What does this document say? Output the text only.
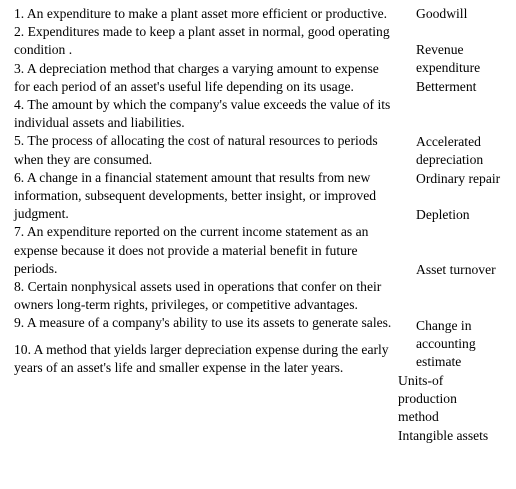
1. An expenditure to make a plant asset more efficient or productive.

2. Expenditures made to keep a plant asset in normal, good operating condition .

3. A depreciation method that charges a varying amount to expense for each period of an asset's useful life depending on its usage.

4. The amount by which the company's value exceeds the value of its individual assets and liabilities.

5. The process of allocating the cost of natural resources to periods when they are consumed.

6. A change in a financial statement amount that results from new information, subsequent developments, better insight, or improved judgment.

7. An expenditure reported on the current income statement as an expense because it does not provide a material benefit in future periods.

8. Certain nonphysical assets used in operations that confer on their owners long-term rights, privileges, or competitive advantages.

9. A measure of a company's ability to use its assets to generate sales.

10. A method that yields larger depreciation expense during the early years of an asset's life and smaller expense in the later years.

Goodwill

Revenue expenditure

Betterment

Accelerated depreciation

Ordinary repair

Depletion

Asset turnover

Change in accounting estimate

Units-of production method

Intangible assets
